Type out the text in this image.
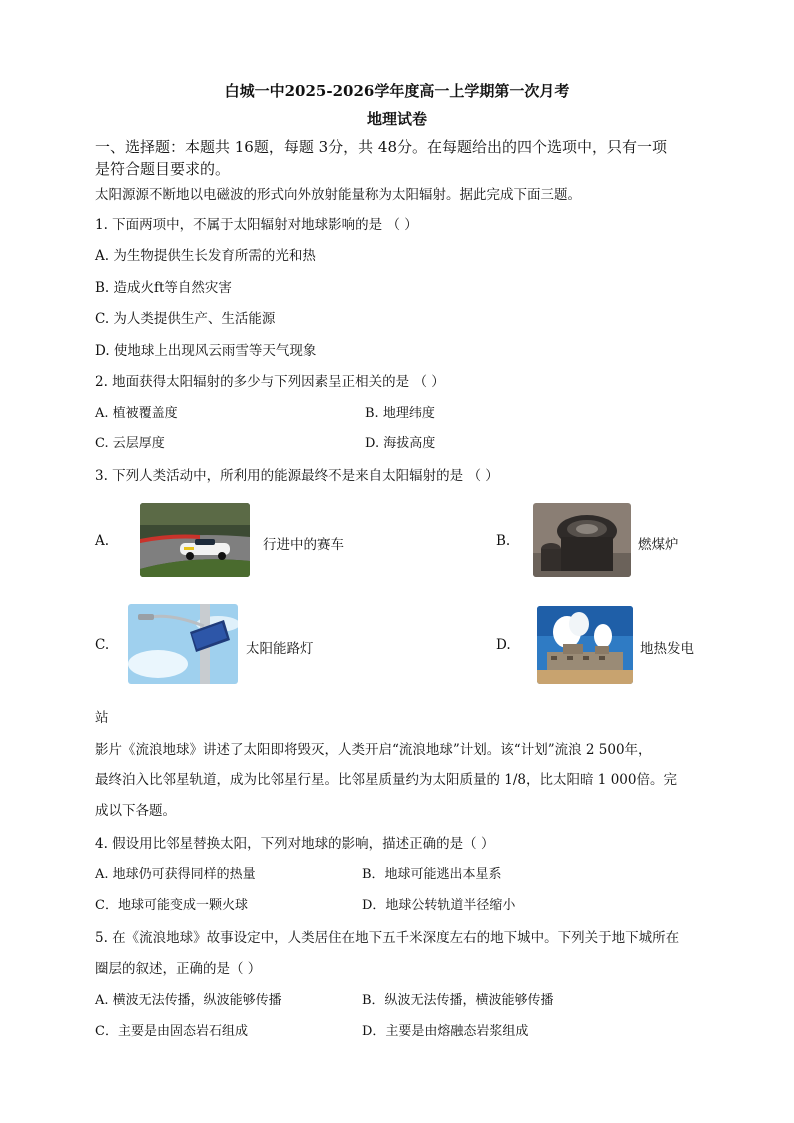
白城一中2025-2026学年度高一上学期第一次月考
地理试卷
一、选择题：本题共 16题，每题 3分，共 48分。在每题给出的四个选项中，只有一项
是符合题目要求的。
太阳源源不断地以电磁波的形式向外放射能量称为太阳辐射。据此完成下面三题。
1. 下面两项中，不属于太阳辐射对地球影响的是 （ ）
A. 为生物提供生长发育所需的光和热
B. 造成火ft等自然灾害
C. 为人类提供生产、生活能源
D. 使地球上出现风云雨雪等天气现象
2. 地面获得太阳辐射的多少与下列因素呈正相关的是 （ ）
A. 植被覆盖度	B. 地理纬度
C. 云层厚度	D. 海拔高度
3. 下列人类活动中，所利用的能源最终不是来自太阳辐射的是 （ ）
A.	行进中的赛车	B.	燃煤炉
C.	太阳能路灯	D.	地热发电
站
影片《流浪地球》讲述了太阳即将毁灭，人类开启“流浪地球”计划。该“计划”流浪 2 500年，
最终泊入比邻星轨道，成为比邻星行星。比邻星质量约为太阳质量的 1/8，比太阳暗 1 000倍。完
成以下各题。
4. 假设用比邻星替换太阳，下列对地球的影响，描述正确的是（ ）
A. 地球仍可获得同样的热量	B．地球可能逃出本星系
C．地球可能变成一颗火球	D．地球公转轨道半径缩小
5. 在《流浪地球》故事设定中，人类居住在地下五千米深度左右的地下城中。下列关于地下城所在
圈层的叙述，正确的是（ ）
A. 横波无法传播，纵波能够传播	B．纵波无法传播，横波能够传播
C．主要是由固态岩石组成	D．主要是由熔融态岩浆组成
